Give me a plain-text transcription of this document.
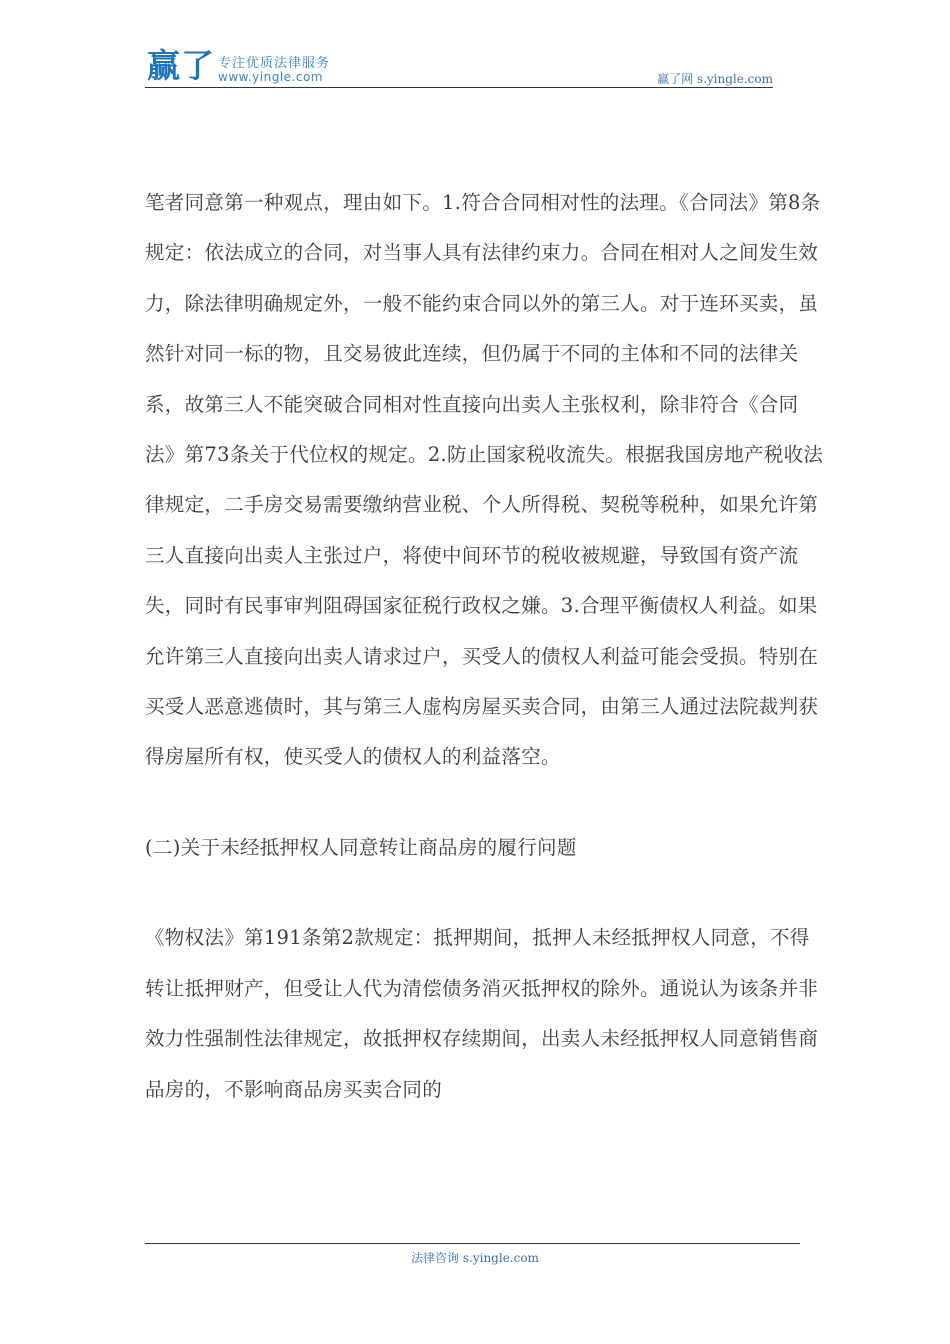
赢了 专注优质法律服务
www.yingle.com	赢了网 s.yingle.com

笔者同意第一种观点，理由如下。1.符合合同相对性的法理。《合同法》第8条规定：依法成立的合同，对当事人具有法律约束力。合同在相对人之间发生效力，除法律明确规定外，一般不能约束合同以外的第三人。对于连环买卖，虽然针对同一标的物，且交易彼此连续，但仍属于不同的主体和不同的法律关系，故第三人不能突破合同相对性直接向出卖人主张权利，除非符合《合同法》第73条关于代位权的规定。2.防止国家税收流失。根据我国房地产税收法律规定，二手房交易需要缴纳营业税、个人所得税、契税等税种，如果允许第三人直接向出卖人主张过户，将使中间环节的税收被规避，导致国有资产流失，同时有民事审判阻碍国家征税行政权之嫌。3.合理平衡债权人利益。如果允许第三人直接向出卖人请求过户，买受人的债权人利益可能会受损。特别在买受人恶意逃债时，其与第三人虚构房屋买卖合同，由第三人通过法院裁判获得房屋所有权，使买受人的债权人的利益落空。

(二)关于未经抵押权人同意转让商品房的履行问题

《物权法》第191条第2款规定：抵押期间，抵押人未经抵押权人同意，不得转让抵押财产，但受让人代为清偿债务消灭抵押权的除外。通说认为该条并非效力性强制性法律规定，故抵押权存续期间，出卖人未经抵押权人同意销售商品房的，不影响商品房买卖合同的

法律咨询 s.yingle.com
